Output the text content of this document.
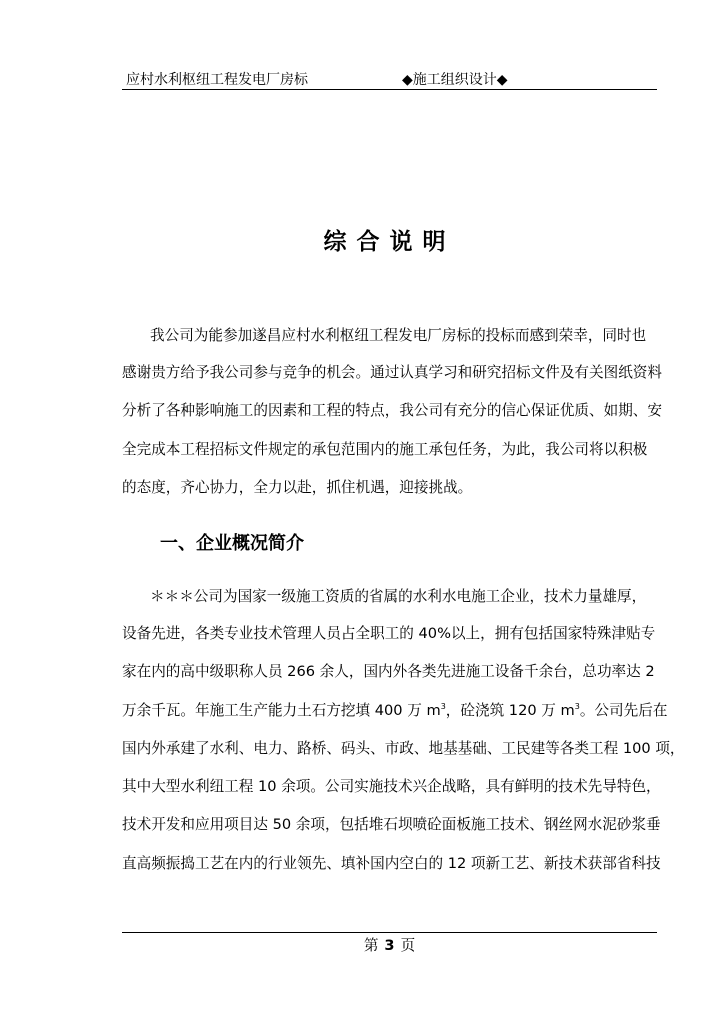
应村水利枢纽工程发电厂房标	◆施工组织设计◆
综合说明
我公司为能参加遂昌应村水利枢纽工程发电厂房标的投标而感到荣幸，同时也
感谢贵方给予我公司参与竞争的机会。通过认真学习和研究招标文件及有关图纸资料
分析了各种影响施工的因素和工程的特点，我公司有充分的信心保证优质、如期、安
全完成本工程招标文件规定的承包范围内的施工承包任务，为此，我公司将以积极
的态度，齐心协力，全力以赴，抓住机遇，迎接挑战。
一、企业概况简介
＊＊＊公司为国家一级施工资质的省属的水利水电施工企业，技术力量雄厚，
设备先进，各类专业技术管理人员占全职工的 40%以上，拥有包括国家特殊津贴专
家在内的高中级职称人员 266 余人，国内外各类先进施工设备千余台，总功率达 2
万余千瓦。年施工生产能力土石方挖填 400 万 $m^3$，砼浇筑 120 万 $m^3$。公司先后在
国内外承建了水利、电力、路桥、码头、市政、地基基础、工民建等各类工程 100 项，
其中大型水利纽工程 10 余项。公司实施技术兴企战略，具有鲜明的技术先导特色，
技术开发和应用项目达 50 余项，包括堆石坝喷砼面板施工技术、钢丝网水泥砂浆垂
直高频振捣工艺在内的行业领先、填补国内空白的 12 项新工艺、新技术获部省科技
第 3 页
